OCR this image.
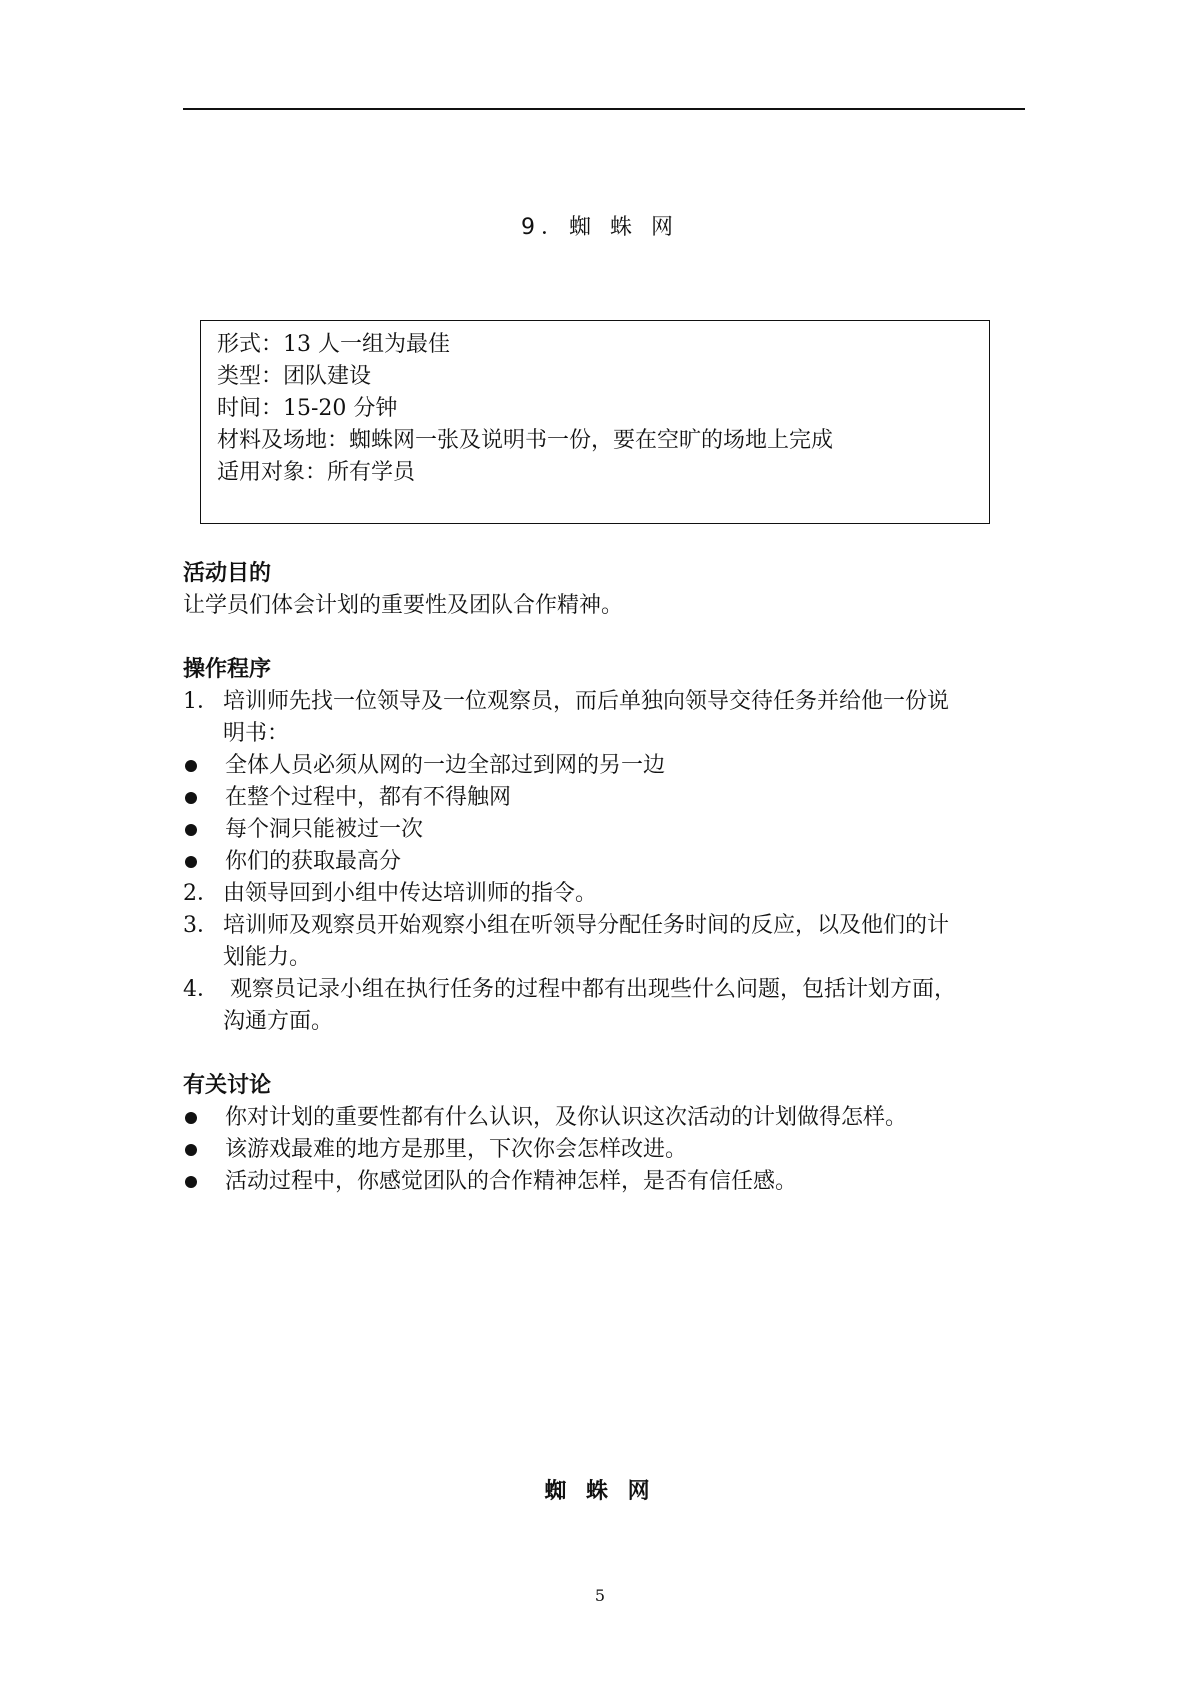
9．蜘 蛛 网
形式：13 人一组为最佳
类型：团队建设
时间：15-20 分钟
材料及场地：蜘蛛网一张及说明书一份，要在空旷的场地上完成
适用对象：所有学员
活动目的
让学员们体会计划的重要性及团队合作精神。
操作程序
1． 培训师先找一位领导及一位观察员，而后单独向领导交待任务并给他一份说
明书：
全体人员必须从网的一边全部过到网的另一边
在整个过程中，都有不得触网
每个洞只能被过一次
你们的获取最高分
2． 由领导回到小组中传达培训师的指令。
3． 培训师及观察员开始观察小组在听领导分配任务时间的反应，以及他们的计
划能力。
4． 观察员记录小组在执行任务的过程中都有出现些什么问题，包括计划方面，
沟通方面。
有关讨论
你对计划的重要性都有什么认识，及你认识这次活动的计划做得怎样。
该游戏最难的地方是那里，下次你会怎样改进。
活动过程中，你感觉团队的合作精神怎样，是否有信任感。
蜘 蛛 网
5
